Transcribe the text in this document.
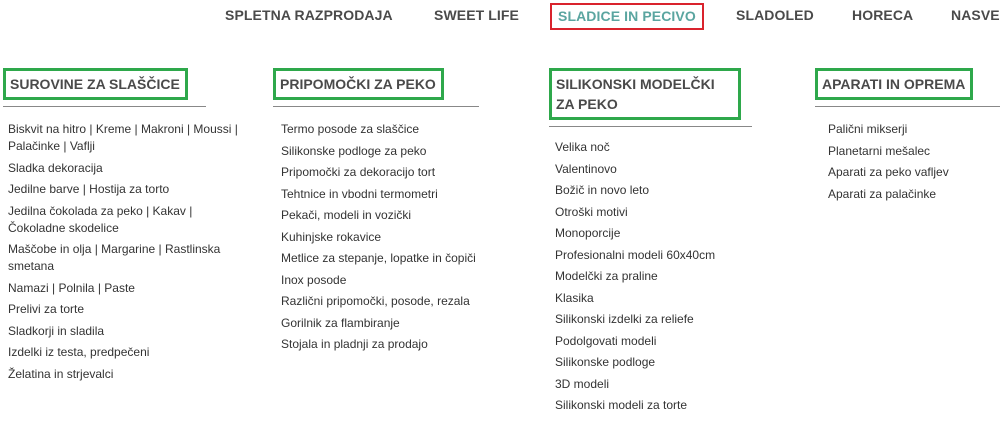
SPLETNA RAZPRODAJA	SWEET LIFE	SLADICE IN PECIVO	SLADOLED	HORECA	NASVE
SUROVINE ZA SLAŠČICE
Biskvit na hitro | Kreme | Makroni | Moussi | Palačinke | Vaflji
Sladka dekoracija
Jedilne barve | Hostija za torto
Jedilna čokolada za peko | Kakav | Čokoladne skodelice
Maščobe in olja | Margarine | Rastlinska smetana
Namazi | Polnila | Paste
Prelivi za torte
Sladkorji in sladila
Izdelki iz testa, predpečeni
Želatina in strjevalci
PRIPOMOČKI ZA PEKO
Termo posode za slaščice
Silikonske podloge za peko
Pripomočki za dekoracijo tort
Tehtnice in vbodni termometri
Pekači, modeli in vozički
Kuhinjske rokavice
Metlice za stepanje, lopatke in čopiči
Inox posode
Različni pripomočki, posode, rezala
Gorilnik za flambiranje
Stojala in pladnji za prodajo
SILIKONSKI MODELČKI ZA PEKO
Velika noč
Valentinovo
Božič in novo leto
Otroški motivi
Monoporcije
Profesionalni modeli 60x40cm
Modelčki za praline
Klasika
Silikonski izdelki za reliefe
Podolgovati modeli
Silikonske podloge
3D modeli
Silikonski modeli za torte
APARATI IN OPREMA
Palični mikserji
Planetarni mešalec
Aparati za peko vafljev
Aparati za palačinke
